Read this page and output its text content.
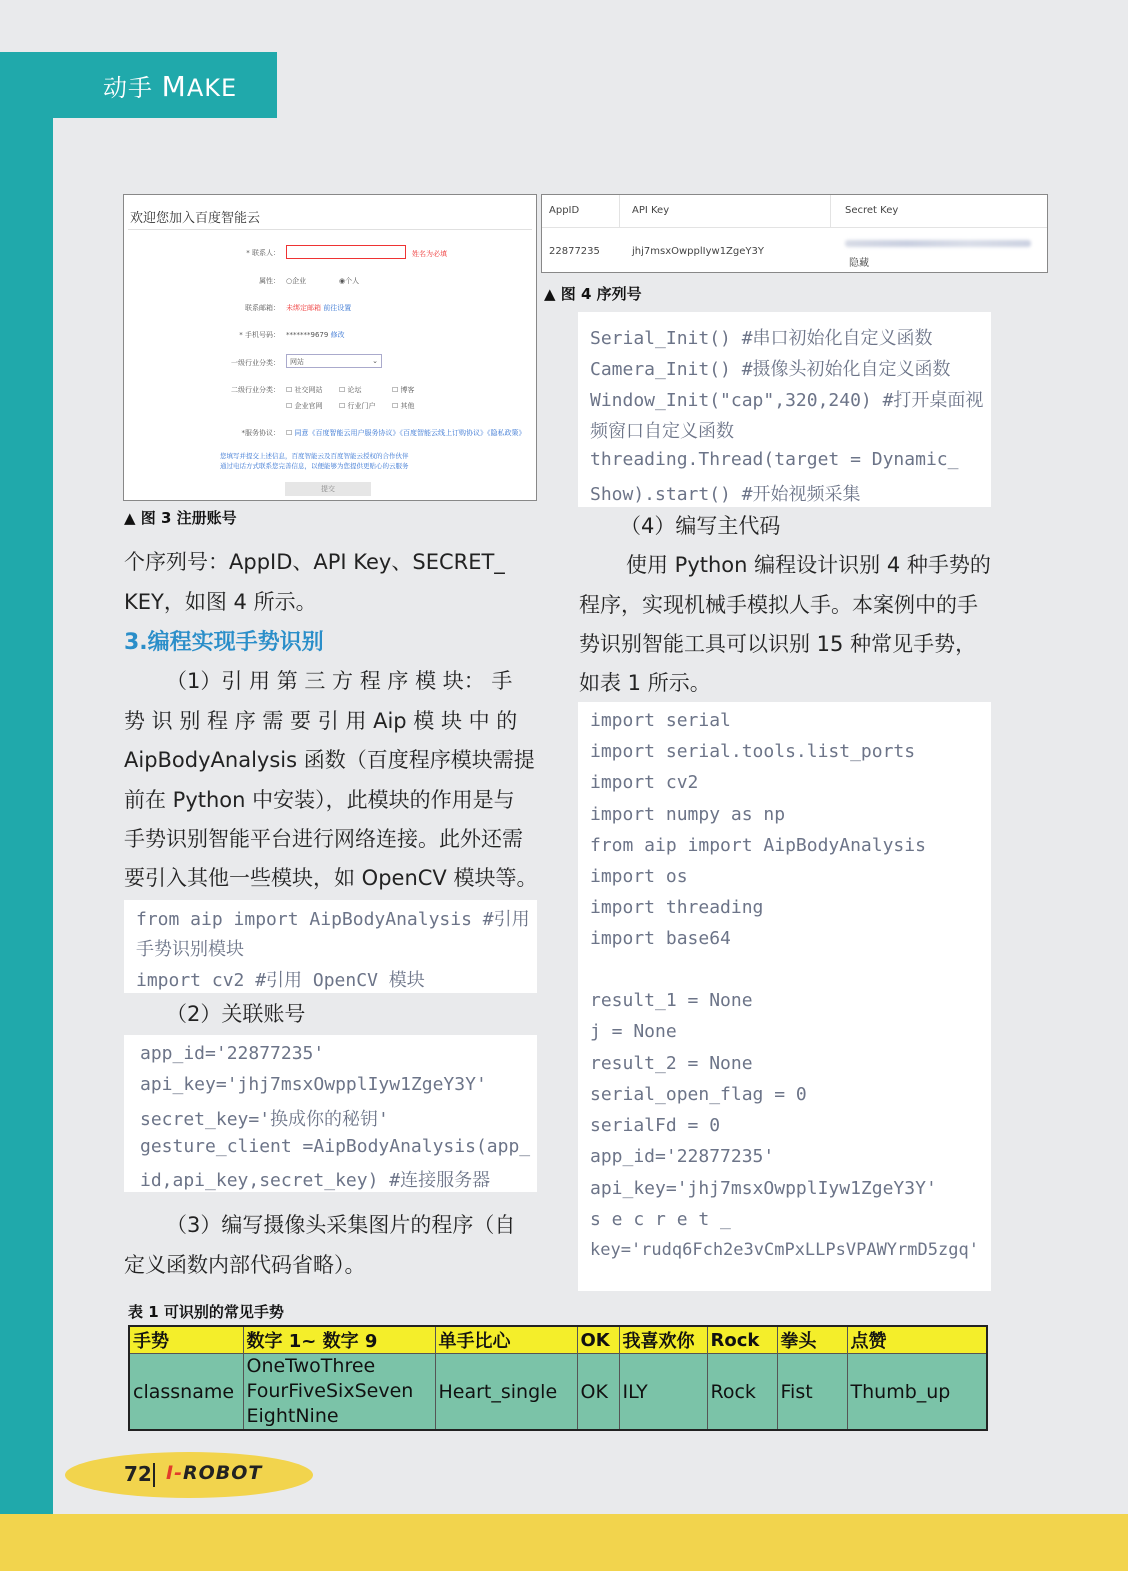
动手 MAKE
欢迎您加入百度智能云
* 联系人：	姓名为必填
属性： ○企业	◉个人
联系邮箱： 未绑定邮箱 前往设置
* 手机号码： *******9679 修改
一级行业分类：	网站	⌄
二级行业分类： ☐ 社交网站 ☐ 论坛	☐ 博客
☐ 企业官网 ☐ 行业门户 ☐ 其他
*服务协议： ☐ 同意《百度智能云用户服务协议》《百度智能云线上订购协议》《隐私政策》
您填写并提交上述信息，百度智能云及百度智能云授权的合作伙伴
通过电话方式联系您完善信息，以便能够为您提供更贴心的云服务
提交
▲ 图 3 注册账号
AppID	API Key	Secret Key
22877235	jhj7msxOwpplIyw1ZgeY3Y
隐藏
▲ 图 4 序列号
Serial_Init() #串口初始化自定义函数
Camera_Init() #摄像头初始化自定义函数
Window_Init("cap",320,240) #打开桌面视
频窗口自定义函数
threading.Thread(target = Dynamic_
Show).start() #开始视频采集
个序列号：AppID、API Key、SECRET_
KEY，如图 4 所示。
3.编程实现手势识别
（1）引 用 第 三 方 程 序 模 块： 手
势 识 别 程 序 需 要 引 用 Aip 模 块 中 的
AipBodyAnalysis 函数（百度程序模块需提
前在 Python 中安装），此模块的作用是与
手势识别智能平台进行网络连接。此外还需
要引入其他一些模块，如 OpenCV 模块等。
from aip import AipBodyAnalysis #引用
手势识别模块
import cv2 #引用 OpenCV 模块
（2）关联账号
app_id='22877235'
api_key='jhj7msxOwpplIyw1ZgeY3Y'
secret_key='换成你的秘钥'
gesture_client =AipBodyAnalysis(app_
id,api_key,secret_key) #连接服务器
（3）编写摄像头采集图片的程序（自
定义函数内部代码省略）。
（4）编写主代码
使用 Python 编程设计识别 4 种手势的
程序，实现机械手模拟人手。本案例中的手
势识别智能工具可以识别 15 种常见手势，
如表 1 所示。
import serial
import serial.tools.list_ports
import cv2
import numpy as np
from aip import AipBodyAnalysis
import os
import threading
import base64
result_1 = None
j = None
result_2 = None
serial_open_flag = 0
serialFd = 0
app_id='22877235'
api_key='jhj7msxOwpplIyw1ZgeY3Y'
s e c r e t _
key='rudq6Fch2e3vCmPxLLPsVPAWYrmD5zgq'
表 1 可识别的常见手势
手势	数字 1~ 数字 9	单手比心	OK	我喜欢你	Rock	拳头	点赞
classname	OneTwoThree
FourFiveSixSeven
EightNine	Heart_single	OK	ILY	Rock	Fist	Thumb_up
72 I-ROBOT
